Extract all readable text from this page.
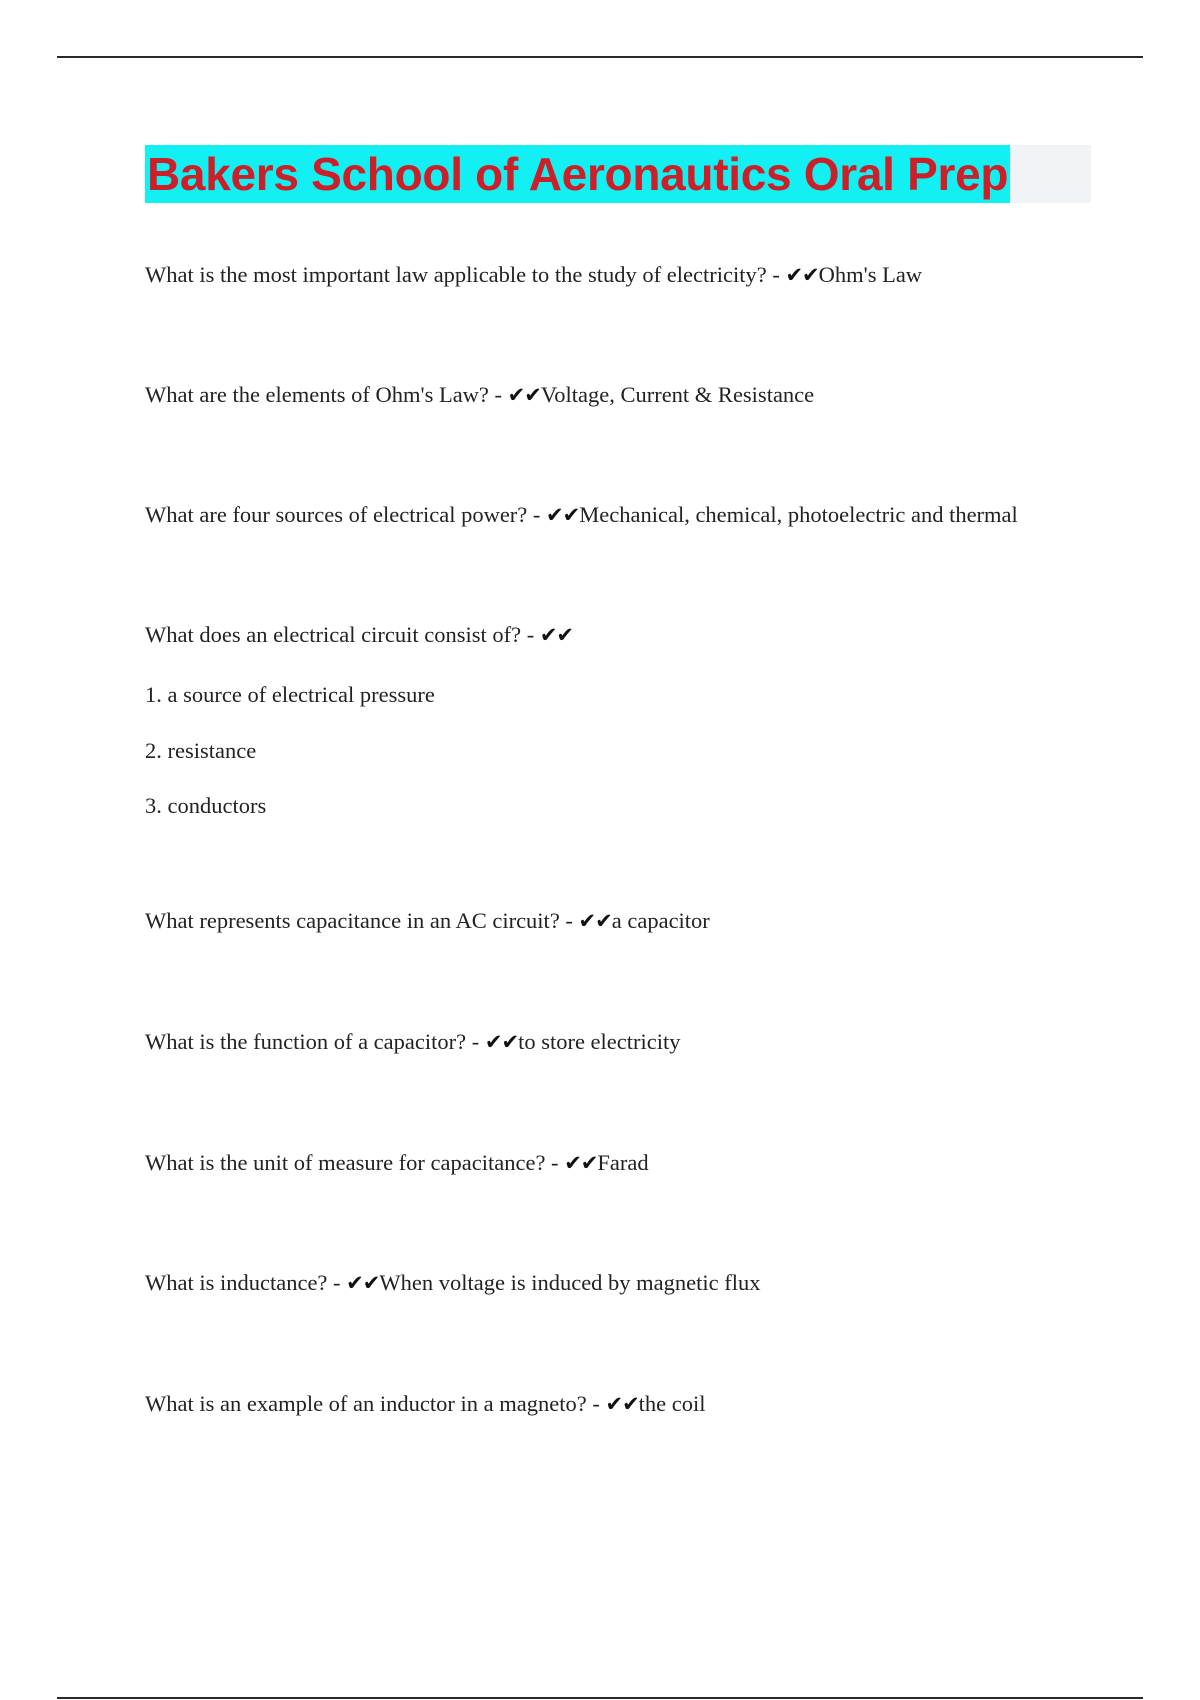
Bakers School of Aeronautics Oral Prep

What is the most important law applicable to the study of electricity? - ✔✔Ohm's Law

What are the elements of Ohm's Law? - ✔✔Voltage, Current & Resistance

What are four sources of electrical power? - ✔✔Mechanical, chemical, photoelectric and thermal

What does an electrical circuit consist of? - ✔✔

1. a source of electrical pressure

2. resistance

3. conductors

What represents capacitance in an AC circuit? - ✔✔a capacitor

What is the function of a capacitor? - ✔✔to store electricity

What is the unit of measure for capacitance? - ✔✔Farad

What is inductance? - ✔✔When voltage is induced by magnetic flux

What is an example of an inductor in a magneto? - ✔✔the coil
